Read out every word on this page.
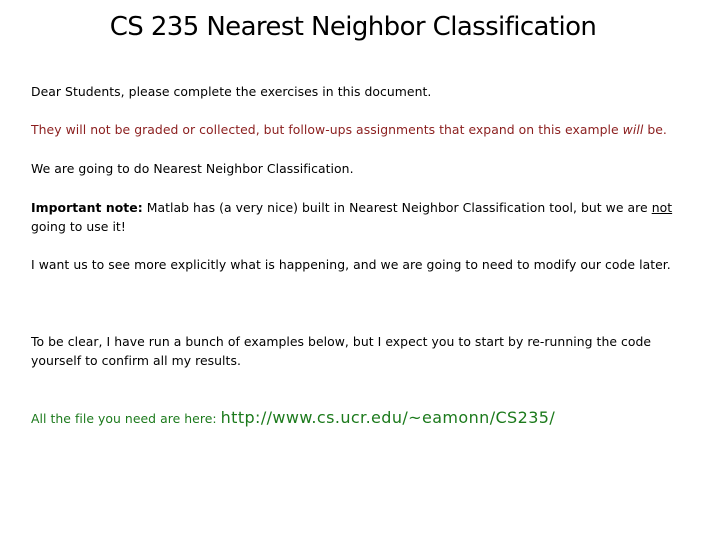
CS 235 Nearest Neighbor Classification
Dear Students, please complete the exercises in this document.
They will not be graded or collected, but follow-ups assignments that expand on this example will be.
We are going to do Nearest Neighbor Classification.
Important note: Matlab has (a very nice) built in Nearest Neighbor Classification tool, but we are not going to use it!
I want us to see more explicitly what is happening, and we are going to need to modify our code later.
To be clear, I have run a bunch of examples below, but I expect you to start by re-running the code yourself to confirm all my results.
All the file you need are here: http://www.cs.ucr.edu/~eamonn/CS235/
